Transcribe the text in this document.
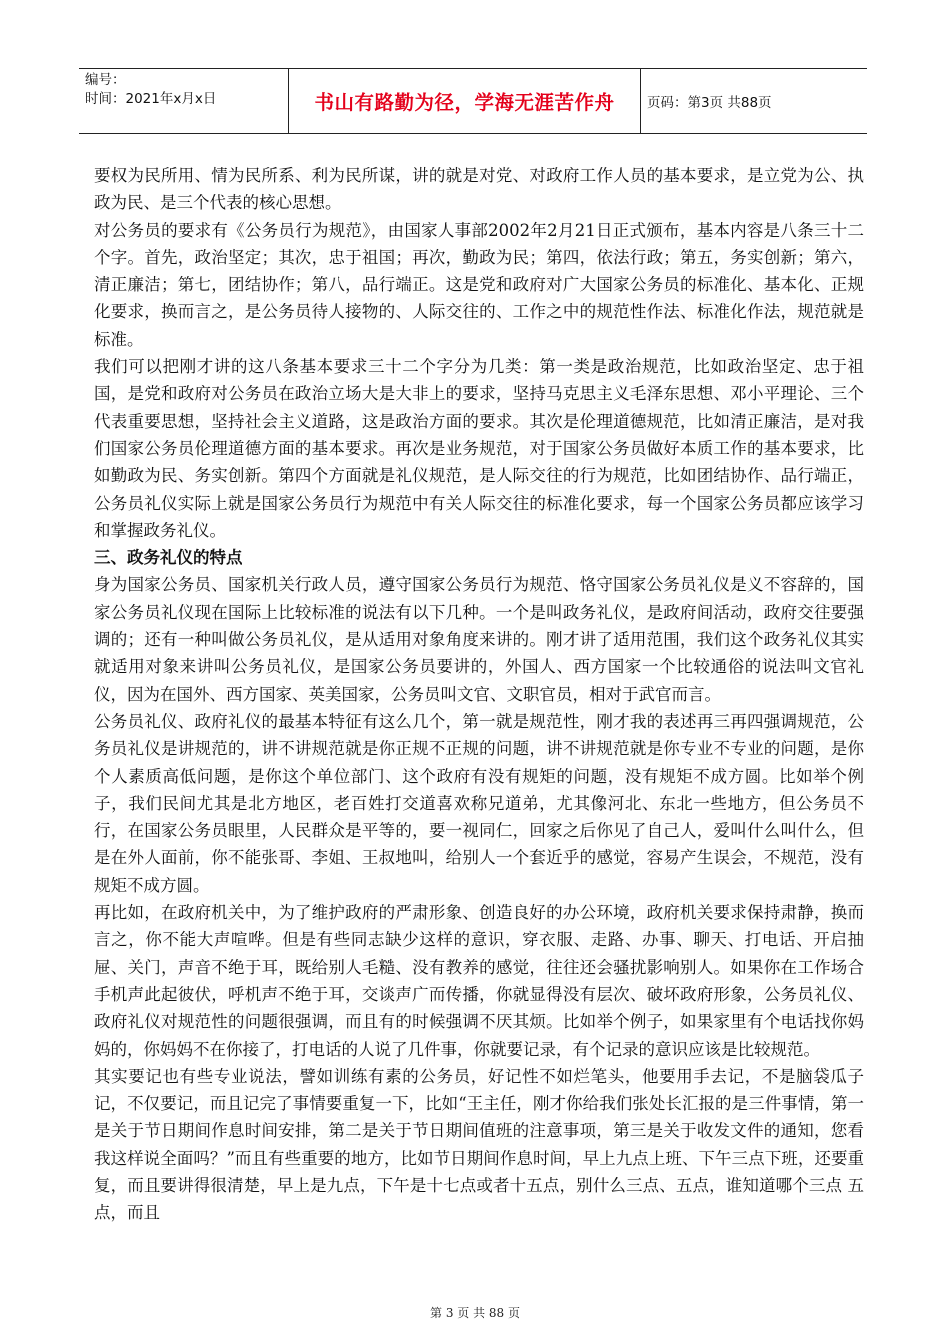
编号：
时间：2021年x月x日	书山有路勤为径，学海无涯苦作舟	页码：第3页 共88页

要权为民所用、情为民所系、利为民所谋，讲的就是对党、对政府工作人员的基本要求，是立党为公、执政为民、是三个代表的核心思想。

对公务员的要求有《公务员行为规范》，由国家人事部2002年2月21日正式颁布，基本内容是八条三十二个字。首先，政治坚定；其次，忠于祖国；再次，勤政为民；第四，依法行政；第五，务实创新；第六，清正廉洁；第七，团结协作；第八，品行端正。这是党和政府对广大国家公务员的标准化、基本化、正规化要求，换而言之，是公务员待人接物的、人际交往的、工作之中的规范性作法、标准化作法，规范就是标准。

我们可以把刚才讲的这八条基本要求三十二个字分为几类：第一类是政治规范，比如政治坚定、忠于祖国，是党和政府对公务员在政治立场大是大非上的要求，坚持马克思主义毛泽东思想、邓小平理论、三个代表重要思想，坚持社会主义道路，这是政治方面的要求。其次是伦理道德规范，比如清正廉洁，是对我们国家公务员伦理道德方面的基本要求。再次是业务规范，对于国家公务员做好本质工作的基本要求，比如勤政为民、务实创新。第四个方面就是礼仪规范，是人际交往的行为规范，比如团结协作、品行端正，公务员礼仪实际上就是国家公务员行为规范中有关人际交往的标准化要求，每一个国家公务员都应该学习和掌握政务礼仪。

三、政务礼仪的特点

身为国家公务员、国家机关行政人员，遵守国家公务员行为规范、恪守国家公务员礼仪是义不容辞的，国家公务员礼仪现在国际上比较标准的说法有以下几种。一个是叫政务礼仪，是政府间活动，政府交往要强调的；还有一种叫做公务员礼仪，是从适用对象角度来讲的。刚才讲了适用范围，我们这个政务礼仪其实就适用对象来讲叫公务员礼仪，是国家公务员要讲的，外国人、西方国家一个比较通俗的说法叫文官礼仪，因为在国外、西方国家、英美国家，公务员叫文官、文职官员，相对于武官而言。

公务员礼仪、政府礼仪的最基本特征有这么几个，第一就是规范性，刚才我的表述再三再四强调规范，公务员礼仪是讲规范的，讲不讲规范就是你正规不正规的问题，讲不讲规范就是你专业不专业的问题，是你个人素质高低问题，是你这个单位部门、这个政府有没有规矩的问题，没有规矩不成方圆。比如举个例子，我们民间尤其是北方地区，老百姓打交道喜欢称兄道弟，尤其像河北、东北一些地方，但公务员不行，在国家公务员眼里，人民群众是平等的，要一视同仁，回家之后你见了自己人，爱叫什么叫什么，但是在外人面前，你不能张哥、李姐、王叔地叫，给别人一个套近乎的感觉，容易产生误会，不规范，没有规矩不成方圆。

再比如，在政府机关中，为了维护政府的严肃形象、创造良好的办公环境，政府机关要求保持肃静，换而言之，你不能大声喧哗。但是有些同志缺少这样的意识，穿衣服、走路、办事、聊天、打电话、开启抽屉、关门，声音不绝于耳，既给别人毛糙、没有教养的感觉，往往还会骚扰影响别人。如果你在工作场合手机声此起彼伏，呼机声不绝于耳，交谈声广而传播，你就显得没有层次、破坏政府形象，公务员礼仪、政府礼仪对规范性的问题很强调，而且有的时候强调不厌其烦。比如举个例子，如果家里有个电话找你妈妈的，你妈妈不在你接了，打电话的人说了几件事，你就要记录，有个记录的意识应该是比较规范。

其实要记也有些专业说法，譬如训练有素的公务员，好记性不如烂笔头，他要用手去记，不是脑袋瓜子记，不仅要记，而且记完了事情要重复一下，比如“王主任，刚才你给我们张处长汇报的是三件事情，第一是关于节日期间作息时间安排，第二是关于节日期间值班的注意事项，第三是关于收发文件的通知，您看我这样说全面吗？”而且有些重要的地方，比如节日期间作息时间，早上九点上班、下午三点下班，还要重复，而且要讲得很清楚，早上是九点，下午是十七点或者十五点，别什么三点、五点，谁知道哪个三点 五点，而且

第 3 页 共 88 页
